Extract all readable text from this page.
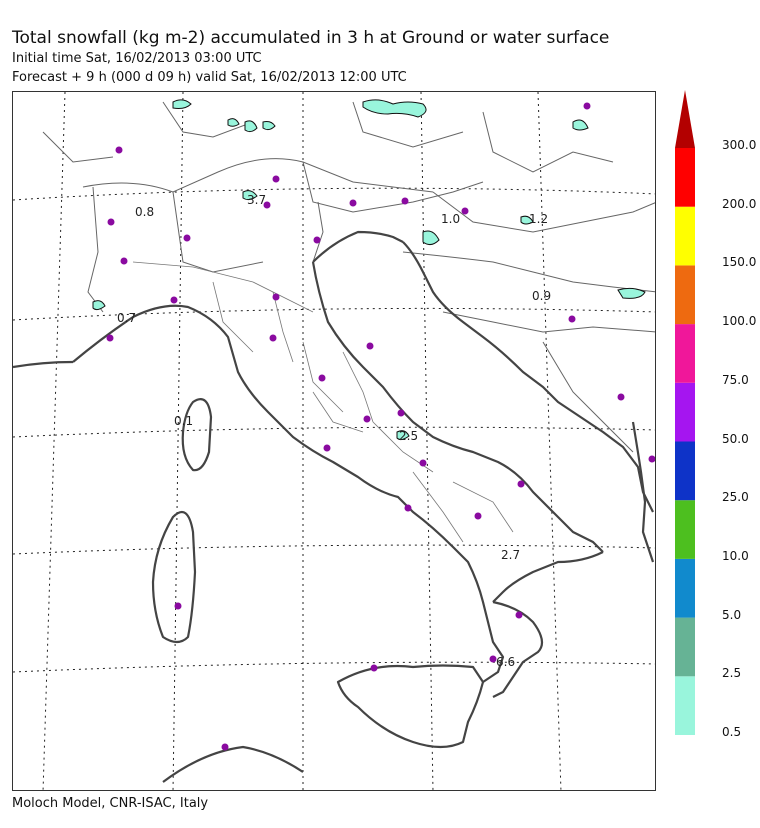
Total snowfall (kg m-2) accumulated in 3 h at Ground or water surface
Initial time Sat, 16/02/2013 03:00 UTC
Forecast + 9 h (000 d 09 h) valid Sat, 16/02/2013 12:00 UTC
0.8
3.7
1.0	1.2
0.9
0.7
0.1
2.5
2.7
6.6
Moloch Model, CNR-ISAC, Italy
0.5
2.5
5.0
10.0
25.0
50.0
75.0
100.0
150.0
200.0
300.0
